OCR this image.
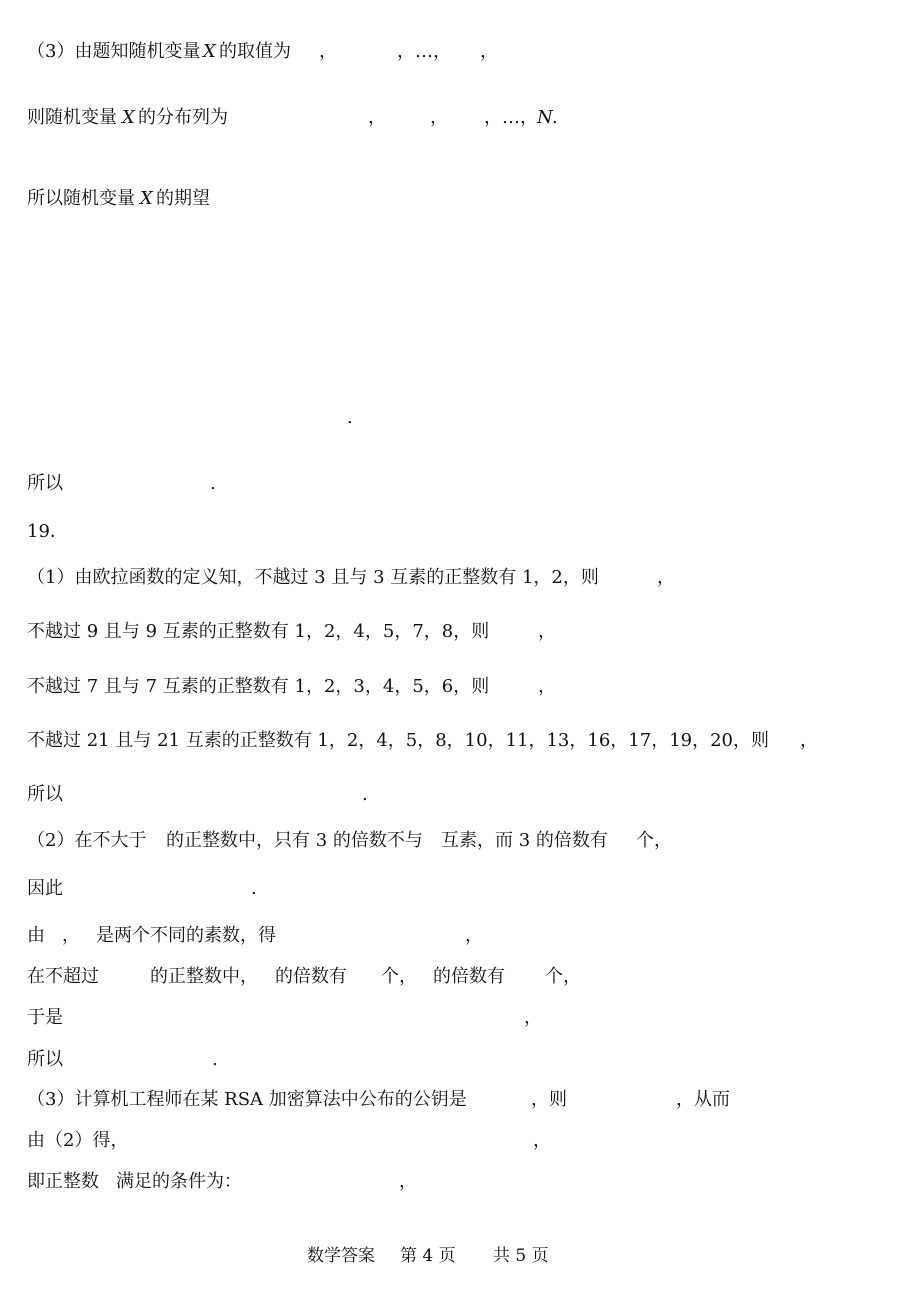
（3）由题知随机变量 X 的取值为 ，	，…， ，
则随机变量 X 的分布列为	， ， ，…， N .
所以随机变量 X 的期望
.
所以	.
19．
（1）由欧拉函数的定义知，不越过 3 且与 3 互素的正整数有 1，2，则	，
不越过 9 且与 9 互素的正整数有 1，2，4，5，7，8，则	，
不越过 7 且与 7 互素的正整数有 1，2，3，4，5，6，则	，
不越过 21 且与 21 互素的正整数有 1，2，4，5，8，10，11，13，16，17，19，20，则 ，
所以	.
（2）在不大于 的正整数中，只有 3 的倍数不与 互素，而 3 的倍数有 个，
因此	.
由 ， 是两个不同的素数，得	，
在不超过	的正整数中， 的倍数有 个， 的倍数有 个，
于是	，
所以	.
（3）计算机工程师在某 RSA 加密算法中公布的公钥是	，则	，从而
由（2）得，	，
即正整数 满足的条件为：	，
数学答案 第 4 页 共 5 页
